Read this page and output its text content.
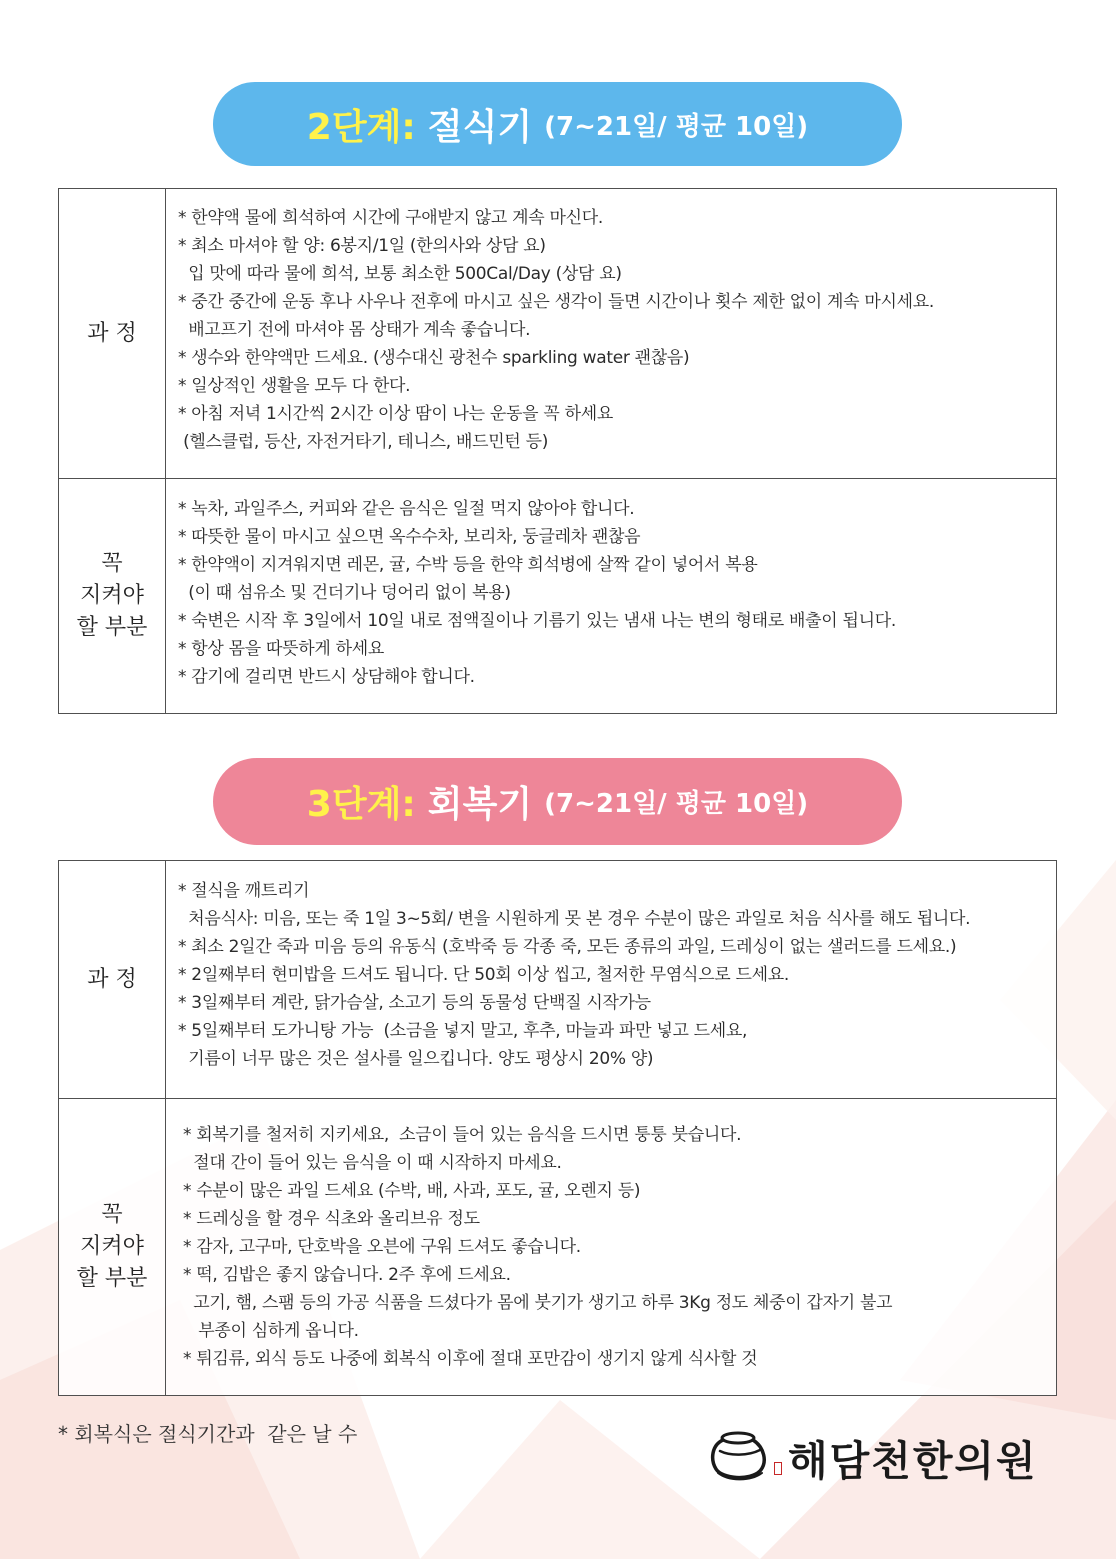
2단계: 절식기 (7~21일/ 평균 10일)
과 정
* 한약액 물에 희석하여 시간에 구애받지 않고 계속 마신다.
* 최소 마셔야 할 양: 6봉지/1일 (한의사와 상담 요)
입 맛에 따라 물에 희석, 보통 최소한 500Cal/Day (상담 요)
* 중간 중간에 운동 후나 사우나 전후에 마시고 싶은 생각이 들면 시간이나 횟수 제한 없이 계속 마시세요.
배고프기 전에 마셔야 몸 상태가 계속 좋습니다.
* 생수와 한약액만 드세요. (생수대신 광천수 sparkling water 괜찮음)
* 일상적인 생활을 모두 다 한다.
* 아침 저녁 1시간씩 2시간 이상 땀이 나는 운동을 꼭 하세요
(헬스클럽, 등산, 자전거타기, 테니스, 배드민턴 등)
꼭
지켜야
할 부분
* 녹차, 과일주스, 커피와 같은 음식은 일절 먹지 않아야 합니다.
* 따뜻한 물이 마시고 싶으면 옥수수차, 보리차, 둥글레차 괜찮음
* 한약액이 지겨워지면 레몬, 귤, 수박 등을 한약 희석병에 살짝 같이 넣어서 복용
(이 때 섬유소 및 건더기나 덩어리 없이 복용)
* 숙변은 시작 후 3일에서 10일 내로 점액질이나 기름기 있는 냄새 나는 변의 형태로 배출이 됩니다.
* 항상 몸을 따뜻하게 하세요
* 감기에 걸리면 반드시 상담해야 합니다.
3단계: 회복기 (7~21일/ 평균 10일)
과 정
* 절식을 깨트리기
처음식사: 미음, 또는 죽 1일 3~5회/ 변을 시원하게 못 본 경우 수분이 많은 과일로 처음 식사를 해도 됩니다.
* 최소 2일간 죽과 미음 등의 유동식 (호박죽 등 각종 죽, 모든 종류의 과일, 드레싱이 없는 샐러드를 드세요.)
* 2일째부터 현미밥을 드셔도 됩니다. 단 50회 이상 씹고, 철저한 무염식으로 드세요.
* 3일째부터 계란, 닭가슴살, 소고기 등의 동물성 단백질 시작가능
* 5일째부터 도가니탕 가능  (소금을 넣지 말고, 후추, 마늘과 파만 넣고 드세요,
기름이 너무 많은 것은 설사를 일으킵니다. 양도 평상시 20% 양)
꼭
지켜야
할 부분
* 회복기를 철저히 지키세요,  소금이 들어 있는 음식을 드시면 퉁퉁 붓습니다.
절대 간이 들어 있는 음식을 이 때 시작하지 마세요.
* 수분이 많은 과일 드세요 (수박, 배, 사과, 포도, 귤, 오렌지 등)
* 드레싱을 할 경우 식초와 올리브유 정도
* 감자, 고구마, 단호박을 오븐에 구워 드셔도 좋습니다.
* 떡, 김밥은 좋지 않습니다. 2주 후에 드세요.
고기, 햄, 스팸 등의 가공 식품을 드셨다가 몸에 붓기가 생기고 하루 3Kg 정도 체중이 갑자기 불고
부종이 심하게 옵니다.
* 튀김류, 외식 등도 나중에 회복식 이후에 절대 포만감이 생기지 않게 식사할 것
* 회복식은 절식기간과  같은 날 수
해담천한의원
